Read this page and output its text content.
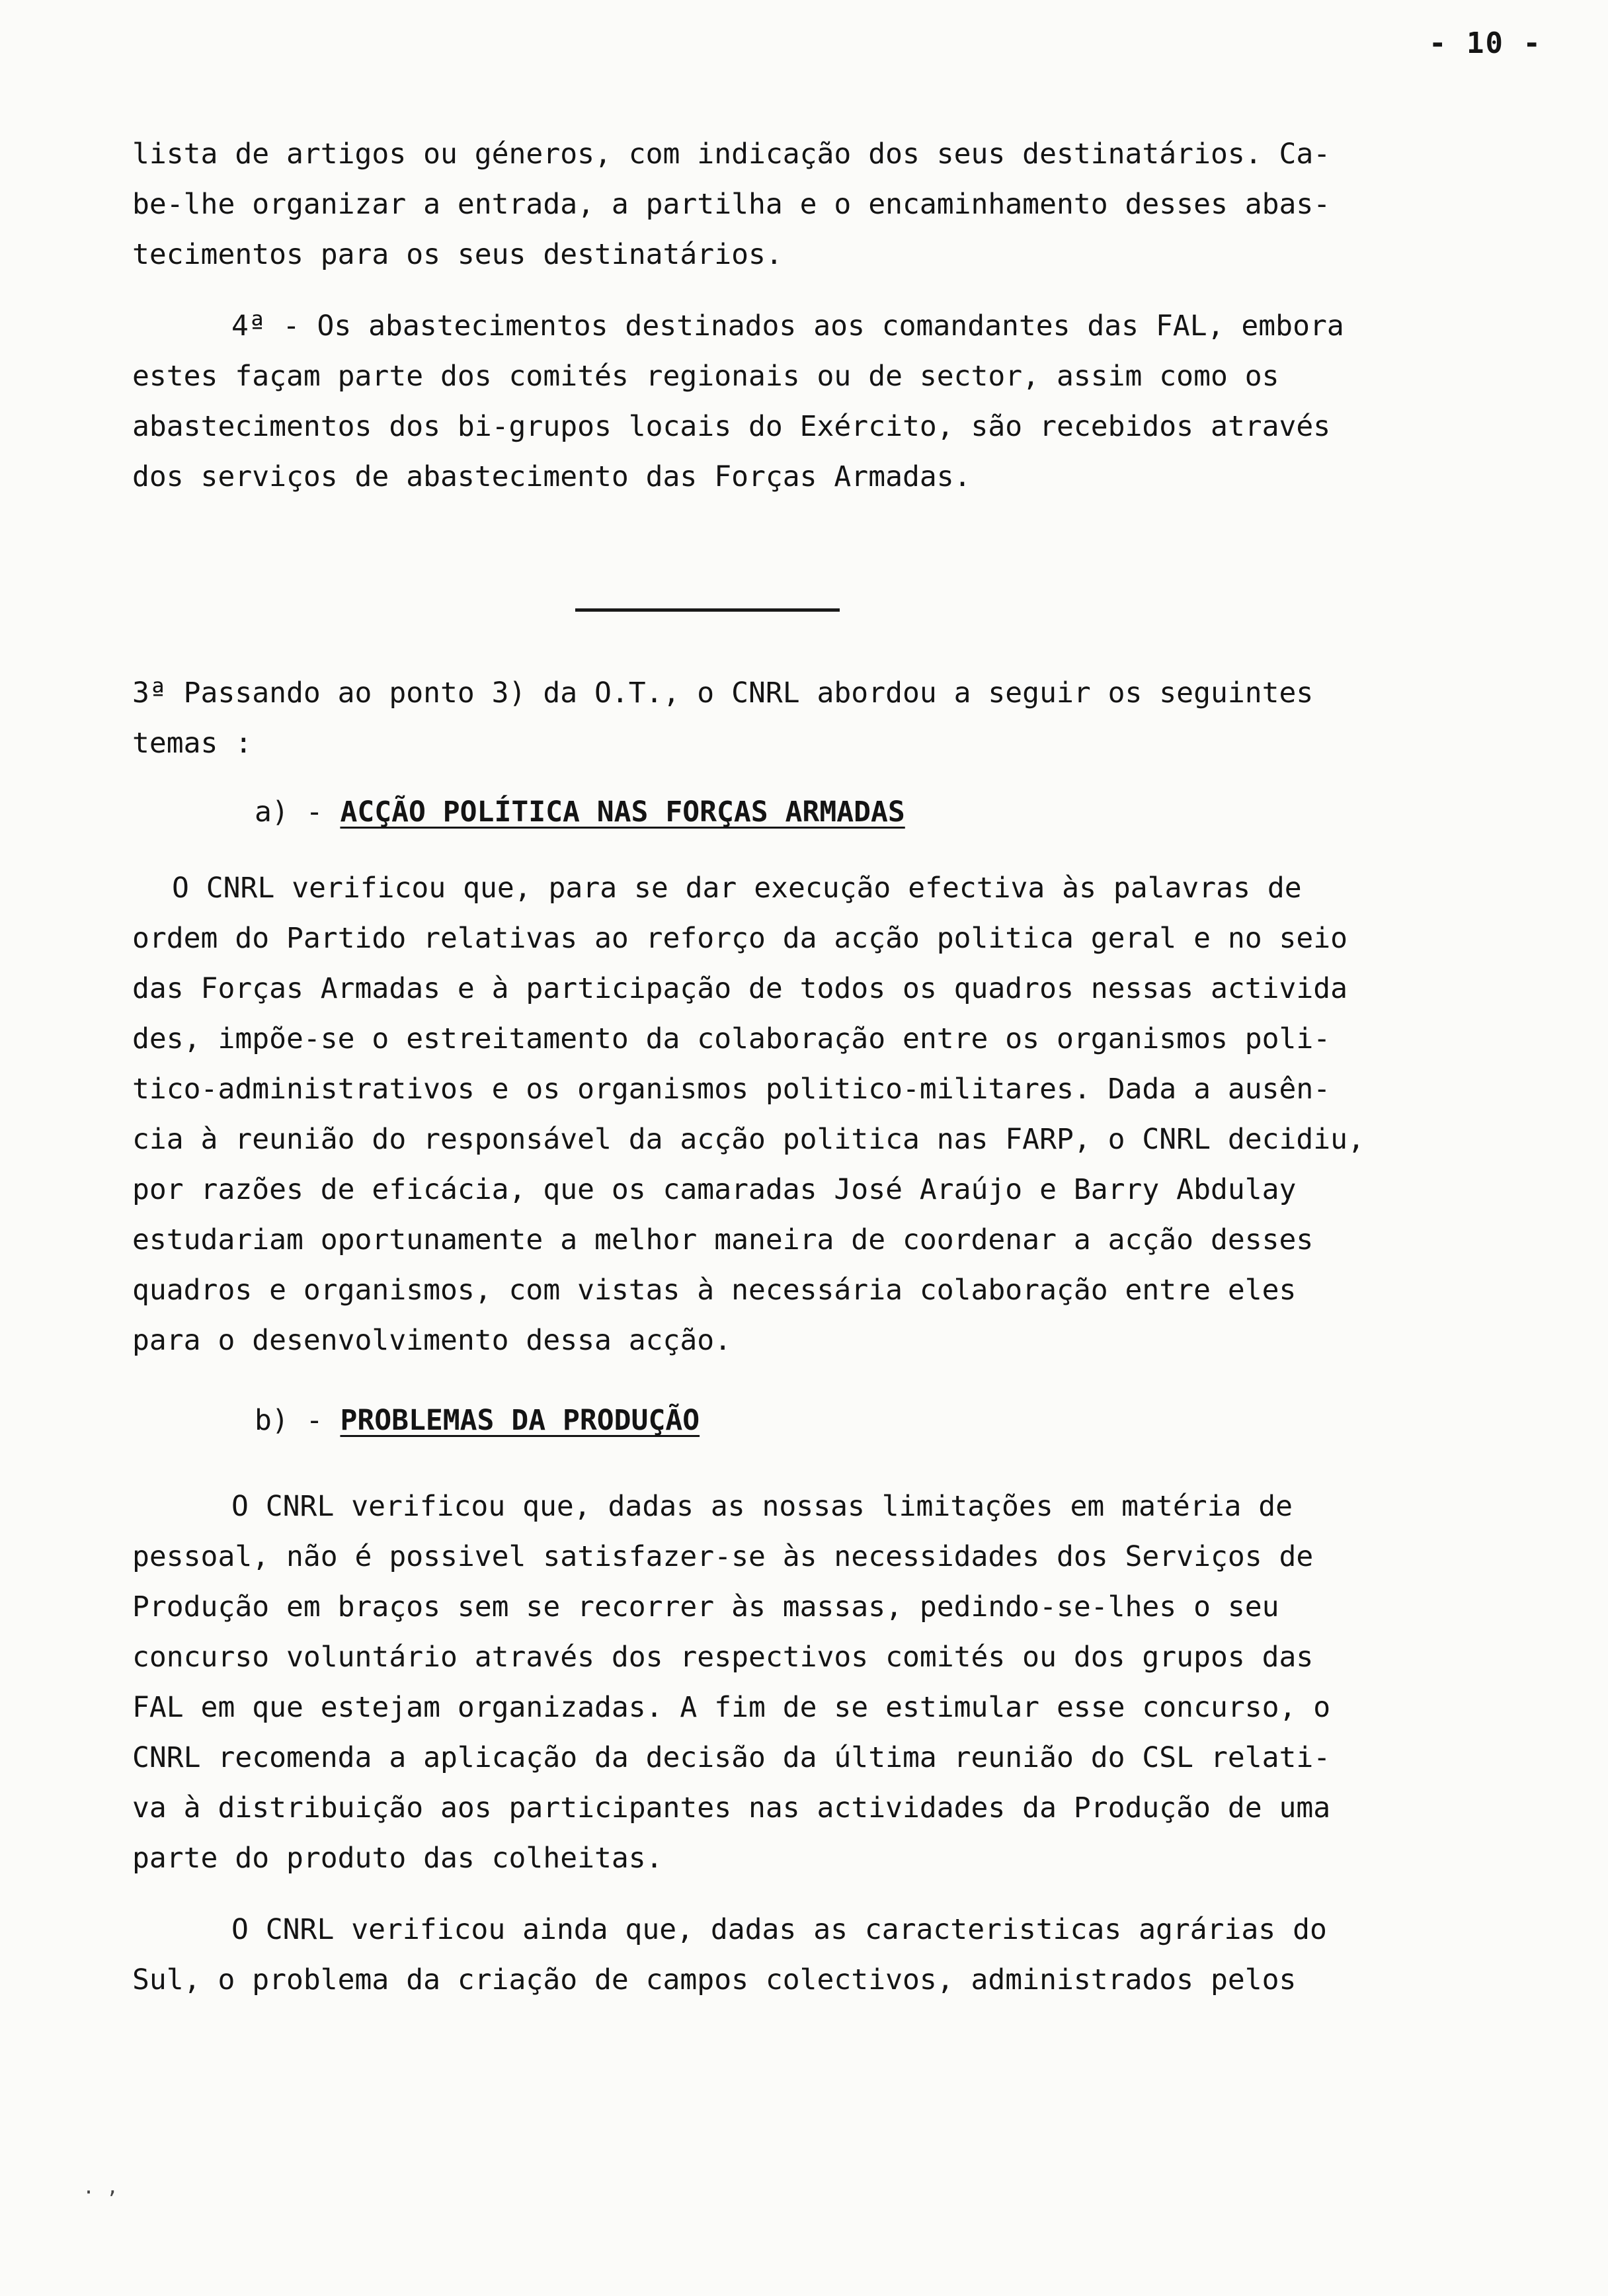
- 10 -
lista de artigos ou géneros, com indicação dos seus destinatários. Ca-
be-lhe organizar a entrada, a partilha e o encaminhamento desses abas-
tecimentos para os seus destinatários.
4ª - Os abastecimentos destinados aos comandantes das FAL, embora
estes façam parte dos comités regionais ou de sector, assim como os
abastecimentos dos bi-grupos locais do Exército, são recebidos através
dos serviços de abastecimento das Forças Armadas.
3ª Passando ao ponto 3) da O.T., o CNRL abordou a seguir os seguintes
temas :
a) - ACÇÃO POLÍTICA NAS FORÇAS ARMADAS
O CNRL verificou que, para se dar execução efectiva às palavras de
ordem do Partido relativas ao reforço da acção politica geral e no seio
das Forças Armadas e à participação de todos os quadros nessas activida
des, impõe-se o estreitamento da colaboração entre os organismos poli-
tico-administrativos e os organismos politico-militares. Dada a ausên-
cia à reunião do responsável da acção politica nas FARP, o CNRL decidiu,
por razões de eficácia, que os camaradas José Araújo e Barry Abdulay
estudariam oportunamente a melhor maneira de coordenar a acção desses
quadros e organismos, com vistas à necessária colaboração entre eles
para o desenvolvimento dessa acção.
b) - PROBLEMAS DA PRODUÇÃO
O CNRL verificou que, dadas as nossas limitações em matéria de
pessoal, não é possivel satisfazer-se às necessidades dos Serviços de
Produção em braços sem se recorrer às massas, pedindo-se-lhes o seu
concurso voluntário através dos respectivos comités ou dos grupos das
FAL em que estejam organizadas. A fim de se estimular esse concurso, o
CNRL recomenda a aplicação da decisão da última reunião do CSL relati-
va à distribuição aos participantes nas actividades da Produção de uma
parte do produto das colheitas.
O CNRL verificou ainda que, dadas as caracteristicas agrárias do
Sul, o problema da criação de campos colectivos, administrados pelos
. ,
